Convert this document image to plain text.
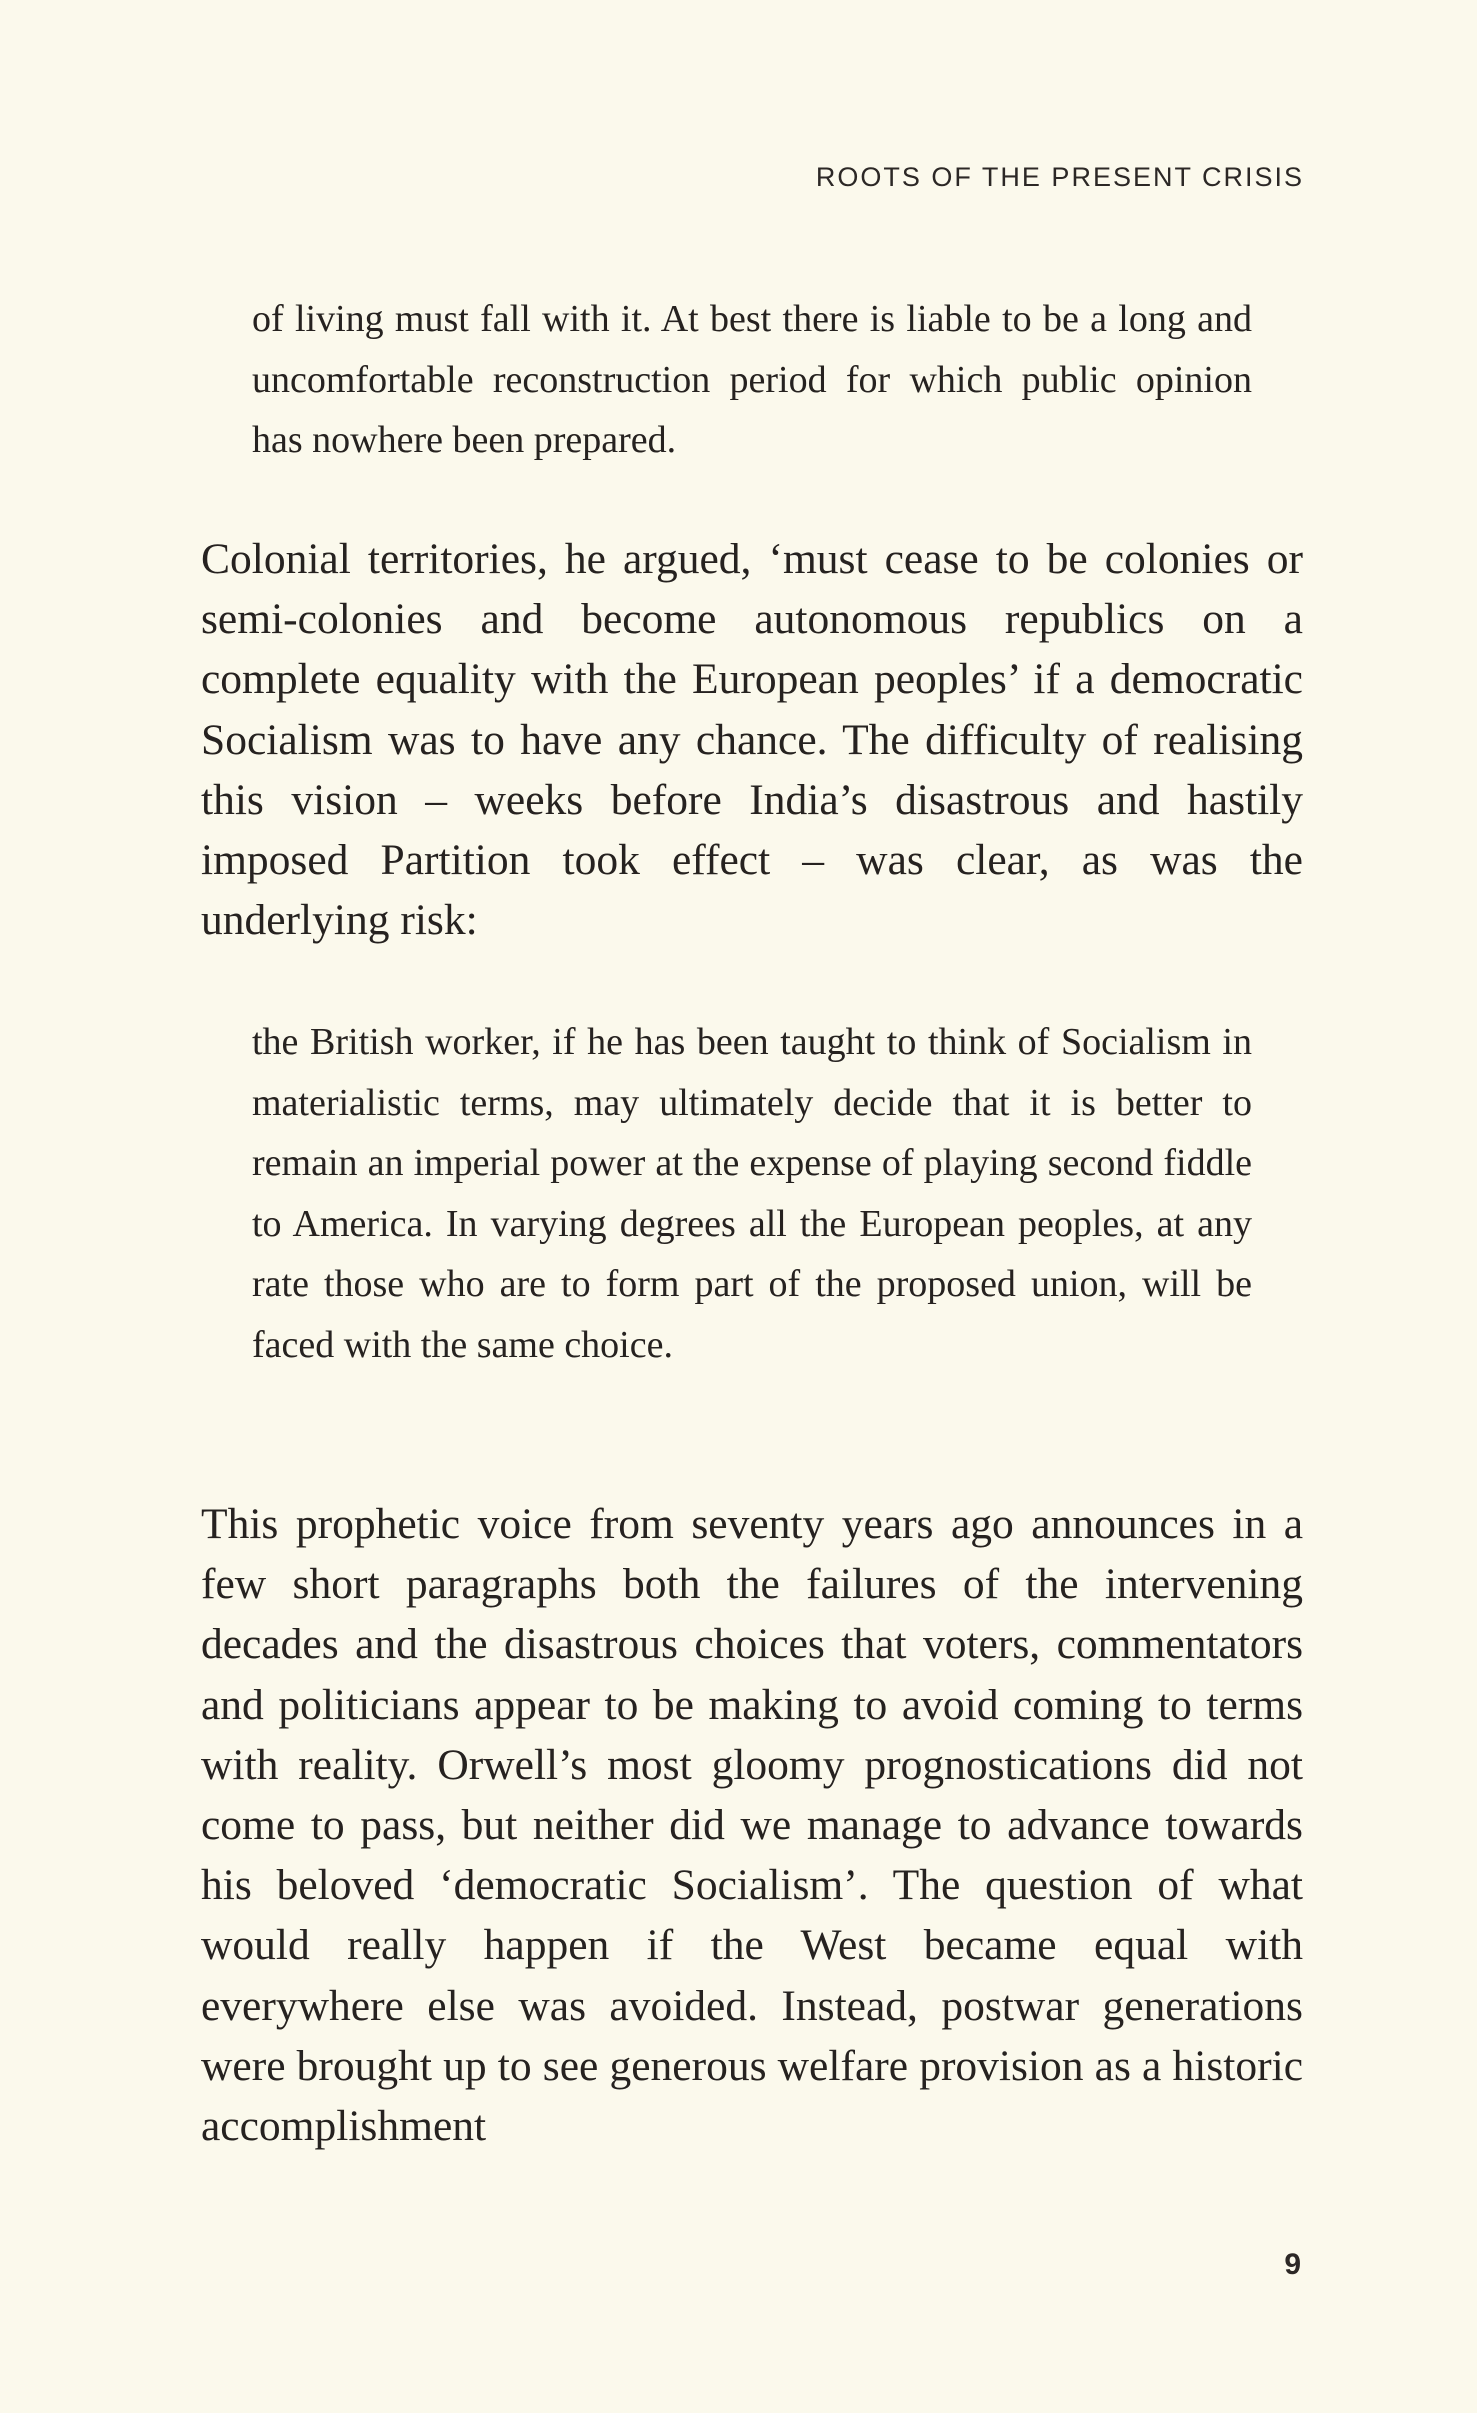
ROOTS OF THE PRESENT CRISIS

of living must fall with it. At best there is liable to be a long and uncomfortable reconstruction period for which public opinion has nowhere been prepared.

Colonial territories, he argued, ‘must cease to be colonies or semi-colonies and become autonomous republics on a complete equality with the European peoples’ if a democratic Socialism was to have any chance. The difficulty of realising this vision – weeks before India’s disastrous and hastily imposed Partition took effect – was clear, as was the underlying risk:

the British worker, if he has been taught to think of Socialism in materialistic terms, may ultimately decide that it is better to remain an imperial power at the expense of playing second fiddle to America. In varying degrees all the European peoples, at any rate those who are to form part of the proposed union, will be faced with the same choice.

This prophetic voice from seventy years ago announces in a few short paragraphs both the failures of the intervening decades and the disastrous choices that voters, commentators and politicians appear to be making to avoid coming to terms with reality. Orwell’s most gloomy prognostications did not come to pass, but neither did we manage to advance towards his beloved ‘democratic Socialism’. The question of what would really happen if the West became equal with everywhere else was avoided. Instead, postwar generations were brought up to see generous welfare provision as a historic accomplishment

9
